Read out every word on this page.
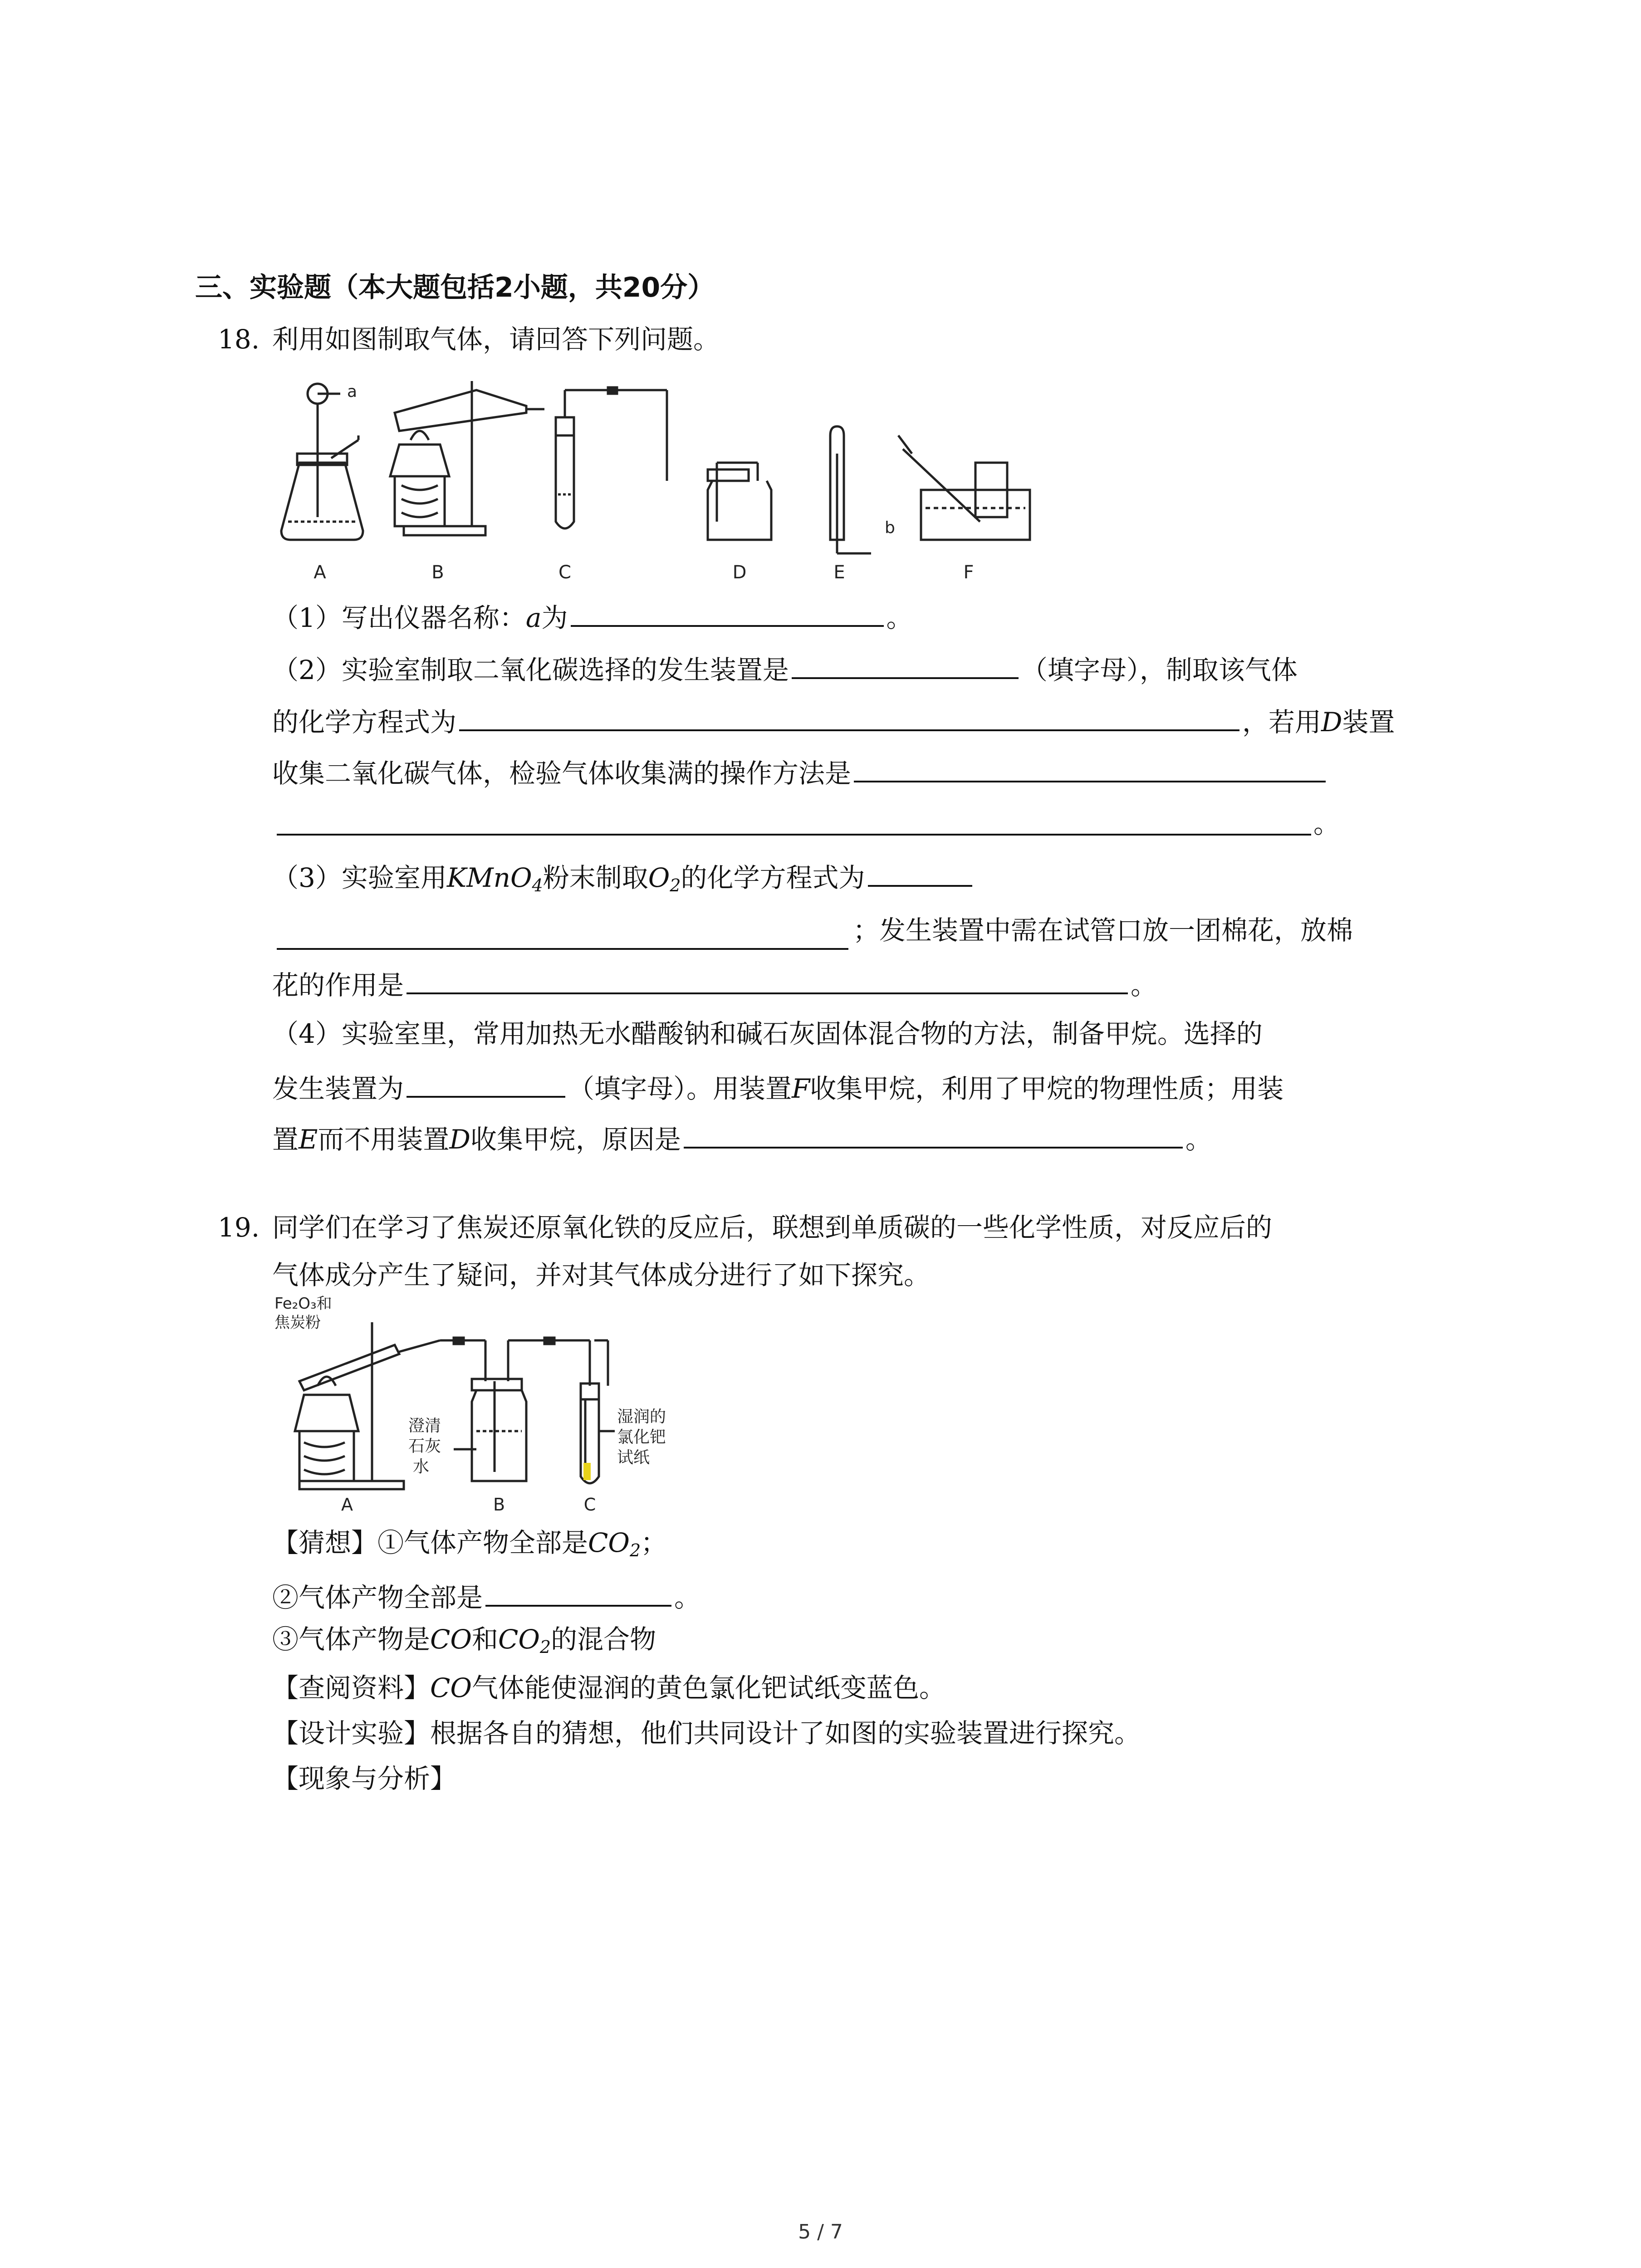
三、实验题（本大题包括2小题，共20分）
18. 利用如图制取气体，请回答下列问题。
a
b
A	B	C	D	E	F
（1）写出仪器名称：a为	。
（2）实验室制取二氧化碳选择的发生装置是	（填字母），制取该气体
的化学方程式为	，若用D装置
收集二氧化碳气体，检验气体收集满的操作方法是
。
（3）实验室用KMnO$_4$粉末制取$O_2$的化学方程式为
；发生装置中需在试管口放一团棉花，放棉
花的作用是	。
（4）实验室里，常用加热无水醋酸钠和碱石灰固体混合物的方法，制备甲烷。选择的
发生装置为	（填字母）。用装置F收集甲烷，利用了甲烷的物理性质；用装
置E而不用装置D收集甲烷，原因是	。
19. 同学们在学习了焦炭还原氧化铁的反应后，联想到单质碳的一些化学性质，对反应后的
气体成分产生了疑问，并对其气体成分进行了如下探究。
Fe₂O₃和
焦炭粉
澄清
石灰
水
湿润的
氯化钯
试纸
A	B	C
【猜想】①气体产物全部是$CO_2$；
②气体产物全部是	。
③气体产物是CO和$CO_2$的混合物
【查阅资料】CO气体能使湿润的黄色氯化钯试纸变蓝色。
【设计实验】根据各自的猜想，他们共同设计了如图的实验装置进行探究。
【现象与分析】
5 / 7
